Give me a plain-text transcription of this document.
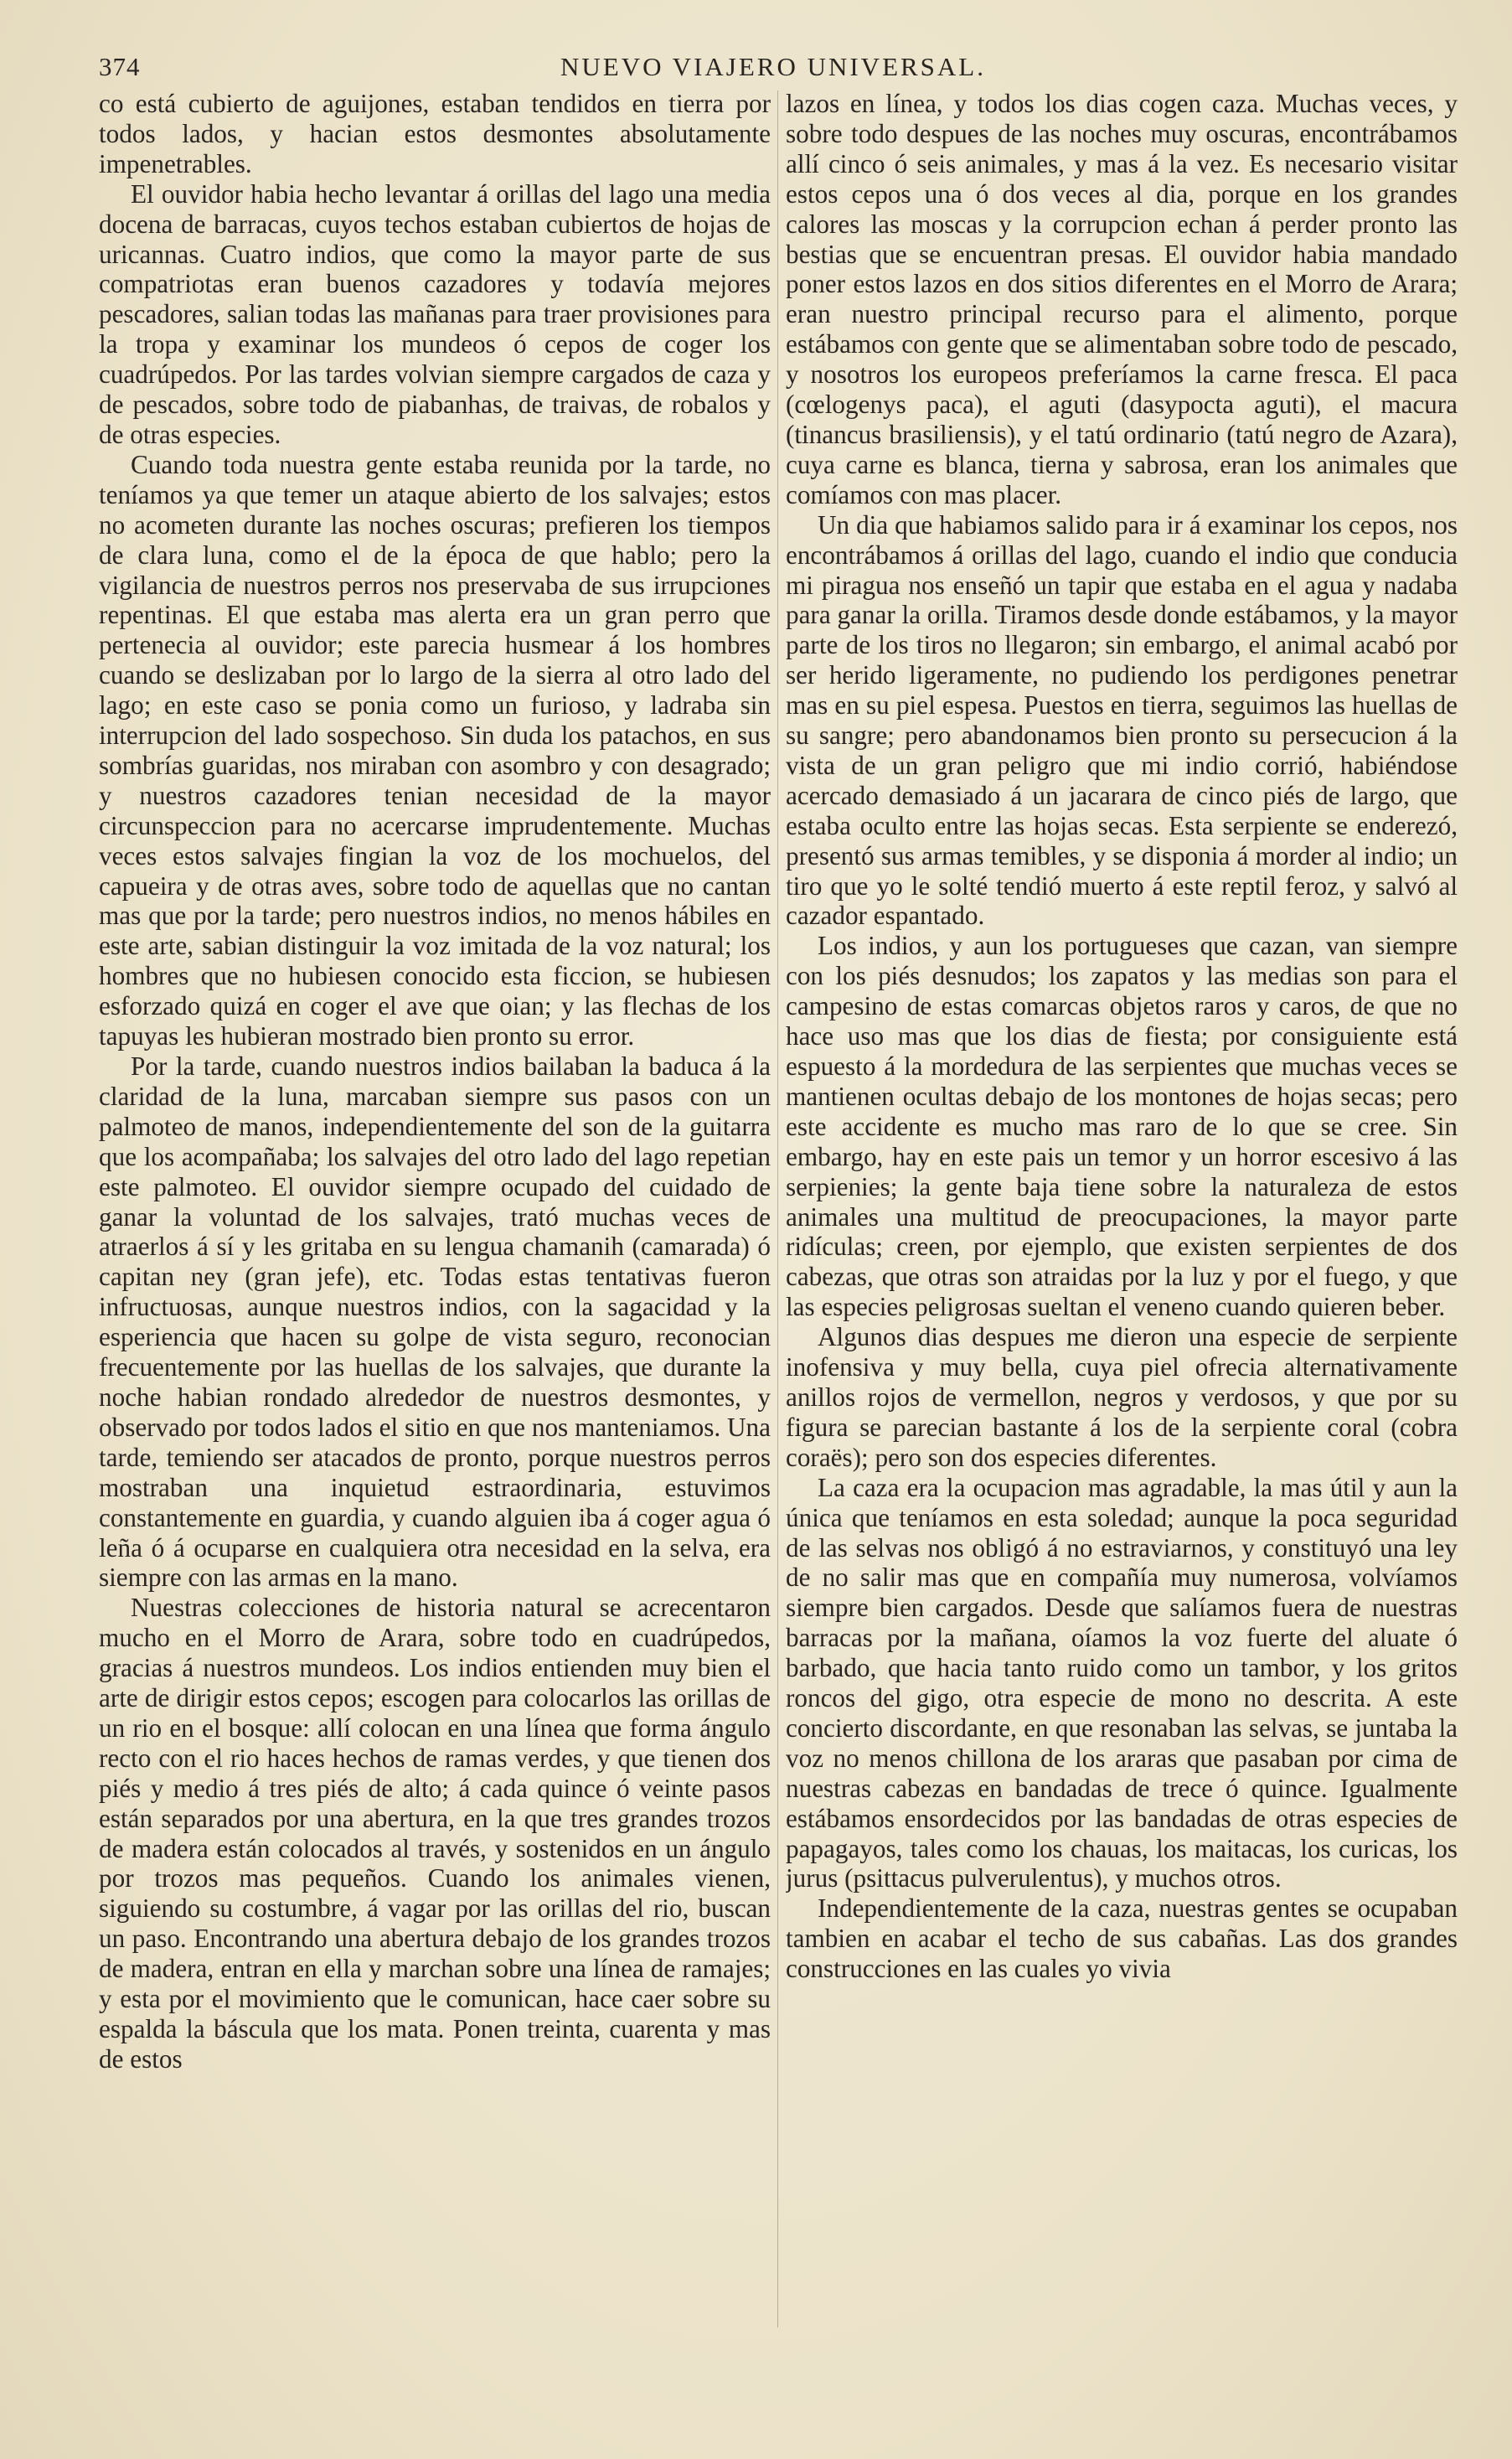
374	NUEVO VIAJERO UNIVERSAL.

co está cubierto de aguijones, estaban tendidos en tierra por todos lados, y hacian estos desmontes absolutamente impenetrables.

El ouvidor habia hecho levantar á orillas del lago una media docena de barracas, cuyos techos estaban cubiertos de hojas de uricannas. Cuatro indios, que como la mayor parte de sus compatriotas eran buenos cazadores y todavía mejores pescadores, salian todas las mañanas para traer provisiones para la tropa y examinar los mundeos ó cepos de coger los cuadrúpedos. Por las tardes volvian siempre cargados de caza y de pescados, sobre todo de piabanhas, de traivas, de robalos y de otras especies.

Cuando toda nuestra gente estaba reunida por la tarde, no teníamos ya que temer un ataque abierto de los salvajes; estos no acometen durante las noches oscuras; prefieren los tiempos de clara luna, como el de la época de que hablo; pero la vigilancia de nuestros perros nos preservaba de sus irrupciones repentinas. El que estaba mas alerta era un gran perro que pertenecia al ouvidor; este parecia husmear á los hombres cuando se deslizaban por lo largo de la sierra al otro lado del lago; en este caso se ponia como un furioso, y ladraba sin interrupcion del lado sospechoso. Sin duda los patachos, en sus sombrías guaridas, nos miraban con asombro y con desagrado; y nuestros cazadores tenian necesidad de la mayor circunspeccion para no acercarse imprudentemente. Muchas veces estos salvajes fingian la voz de los mochuelos, del capueira y de otras aves, sobre todo de aquellas que no cantan mas que por la tarde; pero nuestros indios, no menos hábiles en este arte, sabian distinguir la voz imitada de la voz natural; los hombres que no hubiesen conocido esta ficcion, se hubiesen esforzado quizá en coger el ave que oian; y las flechas de los tapuyas les hubieran mostrado bien pronto su error.

Por la tarde, cuando nuestros indios bailaban la baduca á la claridad de la luna, marcaban siempre sus pasos con un palmoteo de manos, independientemente del son de la guitarra que los acompañaba; los salvajes del otro lado del lago repetian este palmoteo. El ouvidor siempre ocupado del cuidado de ganar la voluntad de los salvajes, trató muchas veces de atraerlos á sí y les gritaba en su lengua chamanih (camarada) ó capitan ney (gran jefe), etc. Todas estas tentativas fueron infructuosas, aunque nuestros indios, con la sagacidad y la esperiencia que hacen su golpe de vista seguro, reconocian frecuentemente por las huellas de los salvajes, que durante la noche habian rondado alrededor de nuestros desmontes, y observado por todos lados el sitio en que nos manteniamos. Una tarde, temiendo ser atacados de pronto, porque nuestros perros mostraban una inquietud estraordinaria, estuvimos constantemente en guardia, y cuando alguien iba á coger agua ó leña ó á ocuparse en cualquiera otra necesidad en la selva, era siempre con las armas en la mano.

Nuestras colecciones de historia natural se acrecentaron mucho en el Morro de Arara, sobre todo en cuadrúpedos, gracias á nuestros mundeos. Los indios entienden muy bien el arte de dirigir estos cepos; escogen para colocarlos las orillas de un rio en el bosque: allí colocan en una línea que forma ángulo recto con el rio haces hechos de ramas verdes, y que tienen dos piés y medio á tres piés de alto; á cada quince ó veinte pasos están separados por una abertura, en la que tres grandes trozos de madera están colocados al través, y sostenidos en un ángulo por trozos mas pequeños. Cuando los animales vienen, siguiendo su costumbre, á vagar por las orillas del rio, buscan un paso. Encontrando una abertura debajo de los grandes trozos de madera, entran en ella y marchan sobre una línea de ramajes; y esta por el movimiento que le comunican, hace caer sobre su espalda la báscula que los mata. Ponen treinta, cuarenta y mas de estos

lazos en línea, y todos los dias cogen caza. Muchas veces, y sobre todo despues de las noches muy oscuras, encontrábamos allí cinco ó seis animales, y mas á la vez. Es necesario visitar estos cepos una ó dos veces al dia, porque en los grandes calores las moscas y la corrupcion echan á perder pronto las bestias que se encuentran presas. El ouvidor habia mandado poner estos lazos en dos sitios diferentes en el Morro de Arara; eran nuestro principal recurso para el alimento, porque estábamos con gente que se alimentaban sobre todo de pescado, y nosotros los europeos preferíamos la carne fresca. El paca (cœlogenys paca), el aguti (dasypocta aguti), el macura (tinancus brasiliensis), y el tatú ordinario (tatú negro de Azara), cuya carne es blanca, tierna y sabrosa, eran los animales que comíamos con mas placer.

Un dia que habiamos salido para ir á examinar los cepos, nos encontrábamos á orillas del lago, cuando el indio que conducia mi piragua nos enseñó un tapir que estaba en el agua y nadaba para ganar la orilla. Tiramos desde donde estábamos, y la mayor parte de los tiros no llegaron; sin embargo, el animal acabó por ser herido ligeramente, no pudiendo los perdigones penetrar mas en su piel espesa. Puestos en tierra, seguimos las huellas de su sangre; pero abandonamos bien pronto su persecucion á la vista de un gran peligro que mi indio corrió, habiéndose acercado demasiado á un jacarara de cinco piés de largo, que estaba oculto entre las hojas secas. Esta serpiente se enderezó, presentó sus armas temibles, y se disponia á morder al indio; un tiro que yo le solté tendió muerto á este reptil feroz, y salvó al cazador espantado.

Los indios, y aun los portugueses que cazan, van siempre con los piés desnudos; los zapatos y las medias son para el campesino de estas comarcas objetos raros y caros, de que no hace uso mas que los dias de fiesta; por consiguiente está espuesto á la mordedura de las serpientes que muchas veces se mantienen ocultas debajo de los montones de hojas secas; pero este accidente es mucho mas raro de lo que se cree. Sin embargo, hay en este pais un temor y un horror escesivo á las serpienies; la gente baja tiene sobre la naturaleza de estos animales una multitud de preocupaciones, la mayor parte ridículas; creen, por ejemplo, que existen serpientes de dos cabezas, que otras son atraidas por la luz y por el fuego, y que las especies peligrosas sueltan el veneno cuando quieren beber.

Algunos dias despues me dieron una especie de serpiente inofensiva y muy bella, cuya piel ofrecia alternativamente anillos rojos de vermellon, negros y verdosos, y que por su figura se parecian bastante á los de la serpiente coral (cobra coraës); pero son dos especies diferentes.

La caza era la ocupacion mas agradable, la mas útil y aun la única que teníamos en esta soledad; aunque la poca seguridad de las selvas nos obligó á no estraviarnos, y constituyó una ley de no salir mas que en compañía muy numerosa, volvíamos siempre bien cargados. Desde que salíamos fuera de nuestras barracas por la mañana, oíamos la voz fuerte del aluate ó barbado, que hacia tanto ruido como un tambor, y los gritos roncos del gigo, otra especie de mono no descrita. A este concierto discordante, en que resonaban las selvas, se juntaba la voz no menos chillona de los araras que pasaban por cima de nuestras cabezas en bandadas de trece ó quince. Igualmente estábamos ensordecidos por las bandadas de otras especies de papagayos, tales como los chauas, los maitacas, los curicas, los jurus (psittacus pulverulentus), y muchos otros.

Independientemente de la caza, nuestras gentes se ocupaban tambien en acabar el techo de sus cabañas. Las dos grandes construcciones en las cuales yo vivia
